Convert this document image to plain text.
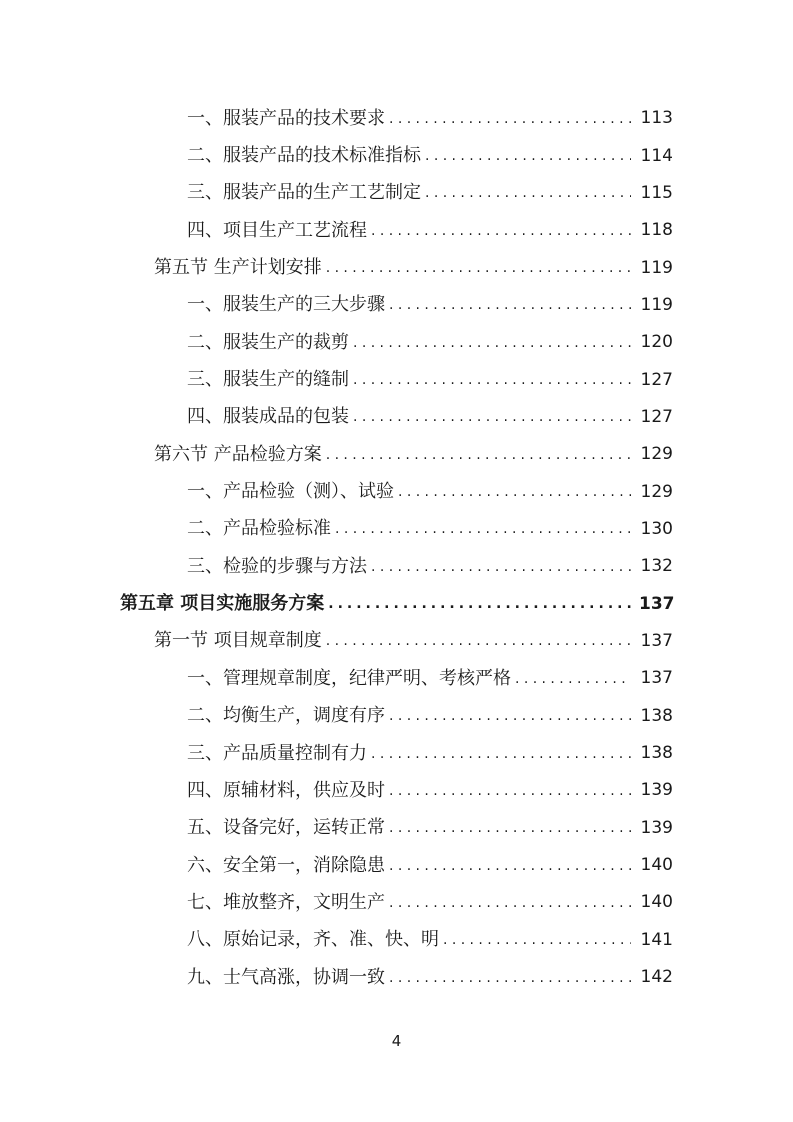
一、服装产品的技术要求 .....	113
二、服装产品的技术标准指标 .....	114
三、服装产品的生产工艺制定 .....	115
四、项目生产工艺流程 .....	118
第五节 生产计划安排 .....	119
一、服装生产的三大步骤 .....	119
二、服装生产的裁剪 .....	120
三、服装生产的缝制 .....	127
四、服装成品的包装 .....	127
第六节 产品检验方案 .....	129
一、产品检验（测）、试验 .....	129
二、产品检验标准 .....	130
三、检验的步骤与方法 .....	132
第五章 项目实施服务方案 .....	137
第一节 项目规章制度 .....	137
一、管理规章制度，纪律严明、考核严格 .....	137
二、均衡生产，调度有序 .....	138
三、产品质量控制有力 .....	138
四、原辅材料，供应及时 .....	139
五、设备完好，运转正常 .....	139
六、安全第一，消除隐患 .....	140
七、堆放整齐，文明生产 .....	140
八、原始记录，齐、准、快、明 .....	141
九、士气高涨，协调一致 .....	142
4
